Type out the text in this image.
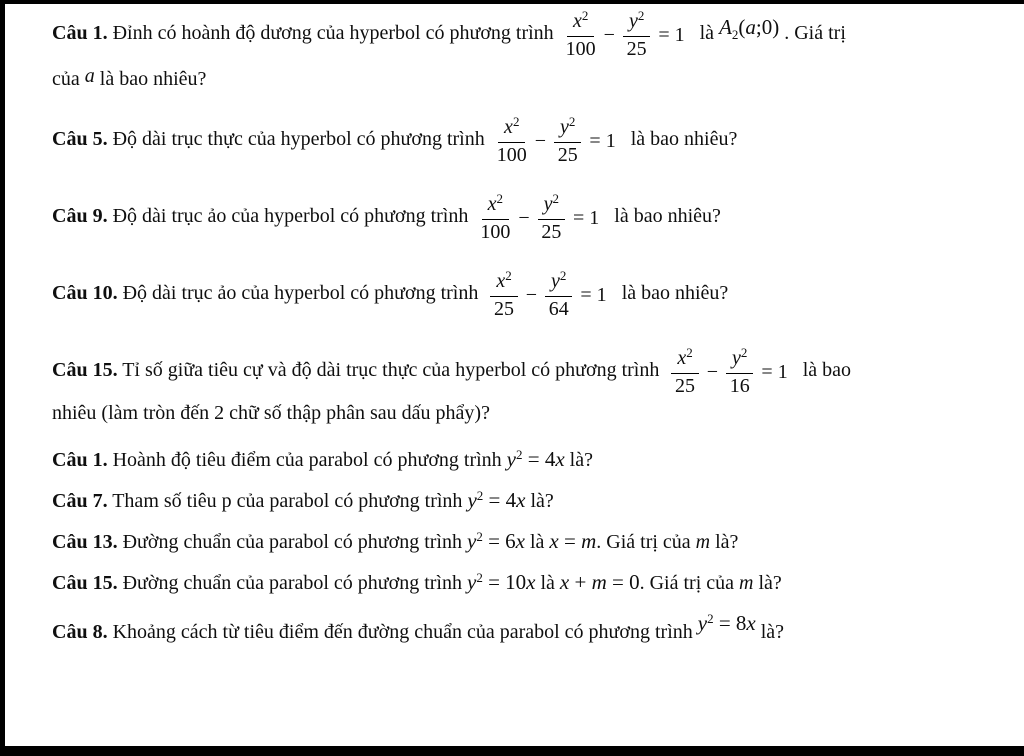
Câu 1. Đỉnh có hoành độ dương của hyperbol có phương trình $\frac{x^2}{100} - \frac{y^2}{25} = 1$ là $A_2(a;0)$ . Giá trị
của a là bao nhiêu?

Câu 5. Độ dài trục thực của hyperbol có phương trình $\frac{x^2}{100} - \frac{y^2}{25} = 1$ là bao nhiêu?

Câu 9. Độ dài trục ảo của hyperbol có phương trình $\frac{x^2}{100} - \frac{y^2}{25} = 1$ là bao nhiêu?

Câu 10. Độ dài trục ảo của hyperbol có phương trình $\frac{x^2}{25} - \frac{y^2}{64} = 1$ là bao nhiêu?

Câu 15. Tỉ số giữa tiêu cự và độ dài trục thực của hyperbol có phương trình $\frac{x^2}{25} - \frac{y^2}{16} = 1$ là bao
nhiêu (làm tròn đến 2 chữ số thập phân sau dấu phẩy)?

Câu 1. Hoành độ tiêu điểm của parabol có phương trình $y^2 = 4x$ là?

Câu 7. Tham số tiêu p của parabol có phương trình $y^2 = 4x$ là?

Câu 13. Đường chuẩn của parabol có phương trình $y^2 = 6x$ là x = m. Giá trị của m là?

Câu 15. Đường chuẩn của parabol có phương trình $y^2 = 10x$ là x + m = 0. Giá trị của m là?

Câu 8. Khoảng cách từ tiêu điểm đến đường chuẩn của parabol có phương trình $y^2 = 8x$ là?
